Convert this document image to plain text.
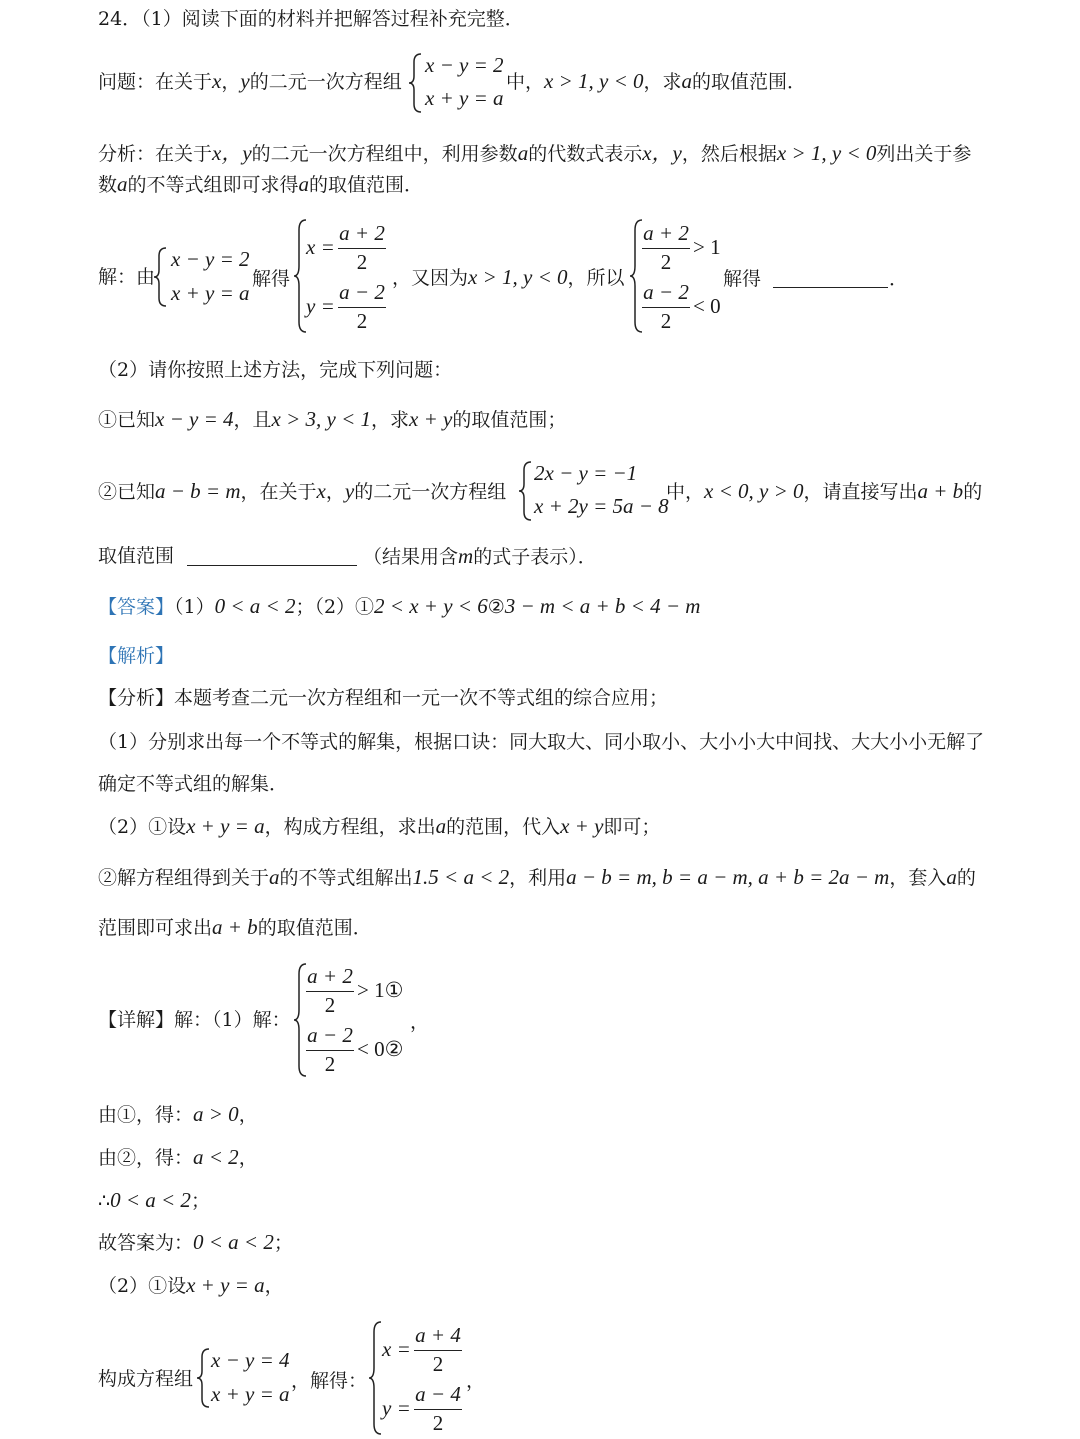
24．（1）阅读下面的材料并把解答过程补充完整．
问题：在关于x，y的二元一次方程组
x − y = 2
x + y = a
中，x > 1, y < 0，求a的取值范围．
分析：在关于x，y的二元一次方程组中，利用参数a的代数式表示x，y，然后根据x > 1, y < 0列出关于参
数a的不等式组即可求得a的取值范围．
解：由
x − y = 2
x + y = a
解得
x =
a + 2
2
y =
a − 2
2
，又因为x > 1, y < 0，所以
a + 2
2
> 1
a − 2
2
< 0
解得	．
（2）请你按照上述方法，完成下列问题：
①已知x − y = 4，且x > 3, y < 1，求x + y的取值范围；
②已知a − b = m，在关于x，y的二元一次方程组
2x − y = −1
x + 2y = 5a − 8
中，x < 0, y > 0，请直接写出a + b的
取值范围	（结果用含m的式子表示）．
【答案】（1）0 < a < 2；（2）①2 < x + y < 6②3 − m < a + b < 4 − m
【解析】
【分析】本题考查二元一次方程组和一元一次不等式组的综合应用；
（1）分别求出每一个不等式的解集，根据口诀：同大取大、同小取小、大小小大中间找、大大小小无解了
确定不等式组的解集．
（2）①设x + y = a，构成方程组，求出a的范围，代入x + y即可；
②解方程组得到关于a的不等式组解出1.5 < a < 2，利用a − b = m, b = a − m, a + b = 2a − m，套入a的
范围即可求出a + b的取值范围．
【详解】解：（1）解：
a + 2
2
> 1①
a − 2
2
< 0②
，
由①，得：a > 0，
由②，得：a < 2，
∴0 < a < 2；
故答案为：0 < a < 2；
（2）①设x + y = a，
构成方程组
x − y = 4
x + y = a
，解得：
x =
a + 4
2
y =
a − 4
2
，
